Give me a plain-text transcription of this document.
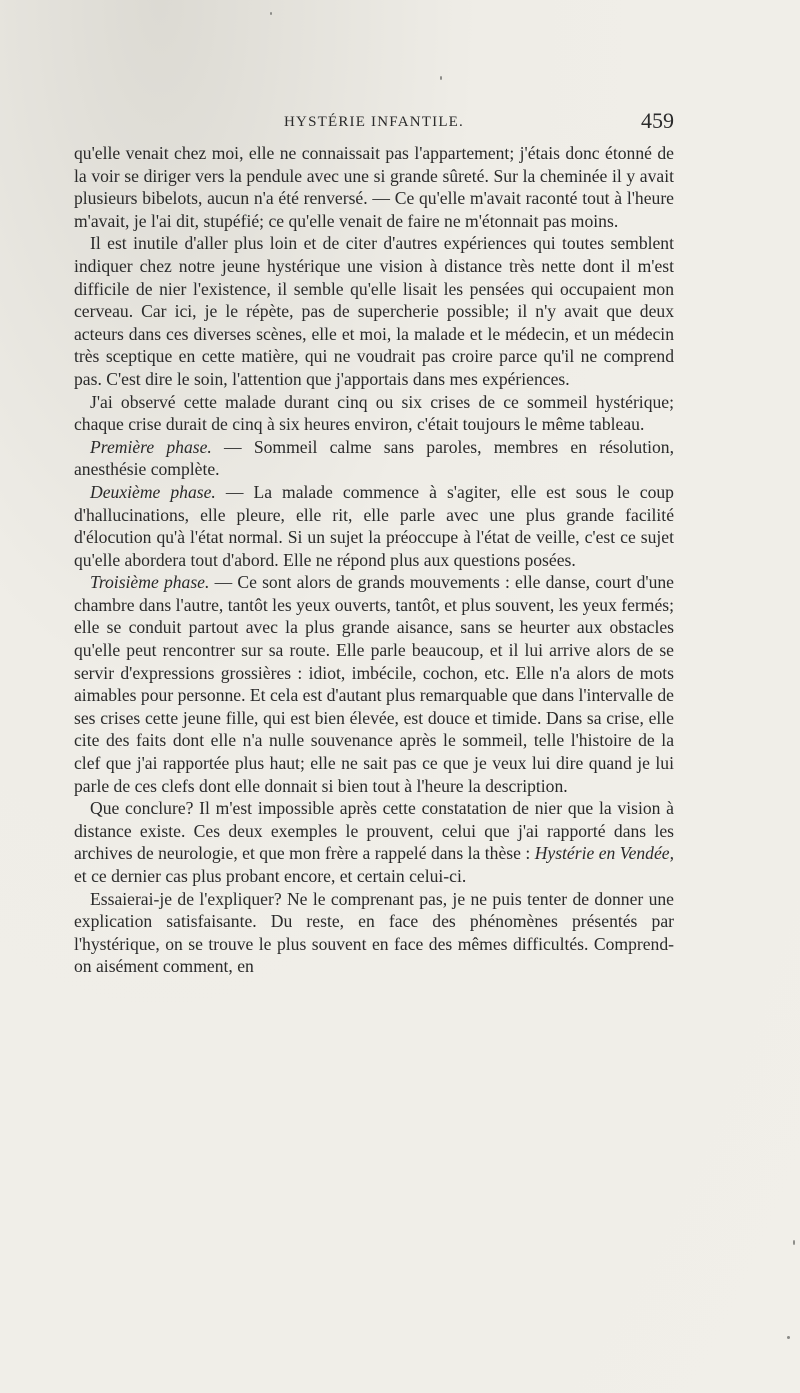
HYSTÉRIE INFANTILE.	459

qu'elle venait chez moi, elle ne connaissait pas l'appartement; j'étais donc étonné de la voir se diriger vers la pendule avec une si grande sûreté. Sur la cheminée il y avait plusieurs bibelots, aucun n'a été renversé. — Ce qu'elle m'avait raconté tout à l'heure m'avait, je l'ai dit, stupéfié; ce qu'elle venait de faire ne m'étonnait pas moins.

Il est inutile d'aller plus loin et de citer d'autres expériences qui toutes semblent indiquer chez notre jeune hystérique une vision à distance très nette dont il m'est difficile de nier l'existence, il semble qu'elle lisait les pensées qui occupaient mon cerveau. Car ici, je le répète, pas de supercherie possible; il n'y avait que deux acteurs dans ces diverses scènes, elle et moi, la malade et le médecin, et un médecin très sceptique en cette matière, qui ne voudrait pas croire parce qu'il ne comprend pas. C'est dire le soin, l'attention que j'apportais dans mes expériences.

J'ai observé cette malade durant cinq ou six crises de ce sommeil hystérique; chaque crise durait de cinq à six heures environ, c'était toujours le même tableau.

Première phase. — Sommeil calme sans paroles, membres en résolution, anesthésie complète.

Deuxième phase. — La malade commence à s'agiter, elle est sous le coup d'hallucinations, elle pleure, elle rit, elle parle avec une plus grande facilité d'élocution qu'à l'état normal. Si un sujet la préoccupe à l'état de veille, c'est ce sujet qu'elle abordera tout d'abord. Elle ne répond plus aux questions posées.

Troisième phase. — Ce sont alors de grands mouvements : elle danse, court d'une chambre dans l'autre, tantôt les yeux ouverts, tantôt, et plus souvent, les yeux fermés; elle se conduit partout avec la plus grande aisance, sans se heurter aux obstacles qu'elle peut rencontrer sur sa route. Elle parle beaucoup, et il lui arrive alors de se servir d'expressions grossières : idiot, imbécile, cochon, etc. Elle n'a alors de mots aimables pour personne. Et cela est d'autant plus remarquable que dans l'intervalle de ses crises cette jeune fille, qui est bien élevée, est douce et timide. Dans sa crise, elle cite des faits dont elle n'a nulle souvenance après le sommeil, telle l'histoire de la clef que j'ai rapportée plus haut; elle ne sait pas ce que je veux lui dire quand je lui parle de ces clefs dont elle donnait si bien tout à l'heure la description.

Que conclure? Il m'est impossible après cette constatation de nier que la vision à distance existe. Ces deux exemples le prouvent, celui que j'ai rapporté dans les archives de neurologie, et que mon frère a rappelé dans la thèse : Hystérie en Vendée, et ce dernier cas plus probant encore, et certain celui-ci.

Essaierai-je de l'expliquer? Ne le comprenant pas, je ne puis tenter de donner une explication satisfaisante. Du reste, en face des phénomènes présentés par l'hystérique, on se trouve le plus souvent en face des mêmes difficultés. Comprend-on aisément comment, en
